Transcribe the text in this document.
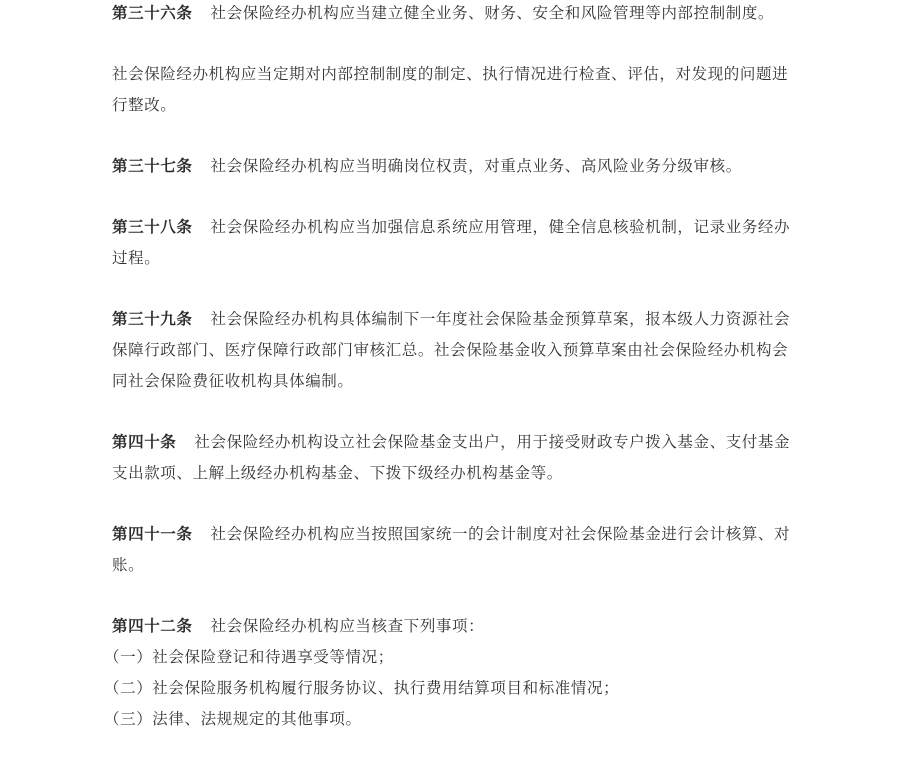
第三十六条 社会保险经办机构应当建立健全业务、财务、安全和风险管理等内部控制制度。

社会保险经办机构应当定期对内部控制制度的制定、执行情况进行检查、评估，对发现的问题进行整改。

第三十七条 社会保险经办机构应当明确岗位权责，对重点业务、高风险业务分级审核。

第三十八条 社会保险经办机构应当加强信息系统应用管理，健全信息核验机制，记录业务经办过程。

第三十九条 社会保险经办机构具体编制下一年度社会保险基金预算草案，报本级人力资源社会保障行政部门、医疗保障行政部门审核汇总。社会保险基金收入预算草案由社会保险经办机构会同社会保险费征收机构具体编制。

第四十条 社会保险经办机构设立社会保险基金支出户，用于接受财政专户拨入基金、支付基金支出款项、上解上级经办机构基金、下拨下级经办机构基金等。

第四十一条 社会保险经办机构应当按照国家统一的会计制度对社会保险基金进行会计核算、对账。

第四十二条 社会保险经办机构应当核查下列事项：

（一）社会保险登记和待遇享受等情况；
（二）社会保险服务机构履行服务协议、执行费用结算项目和标准情况；
（三）法律、法规规定的其他事项。
